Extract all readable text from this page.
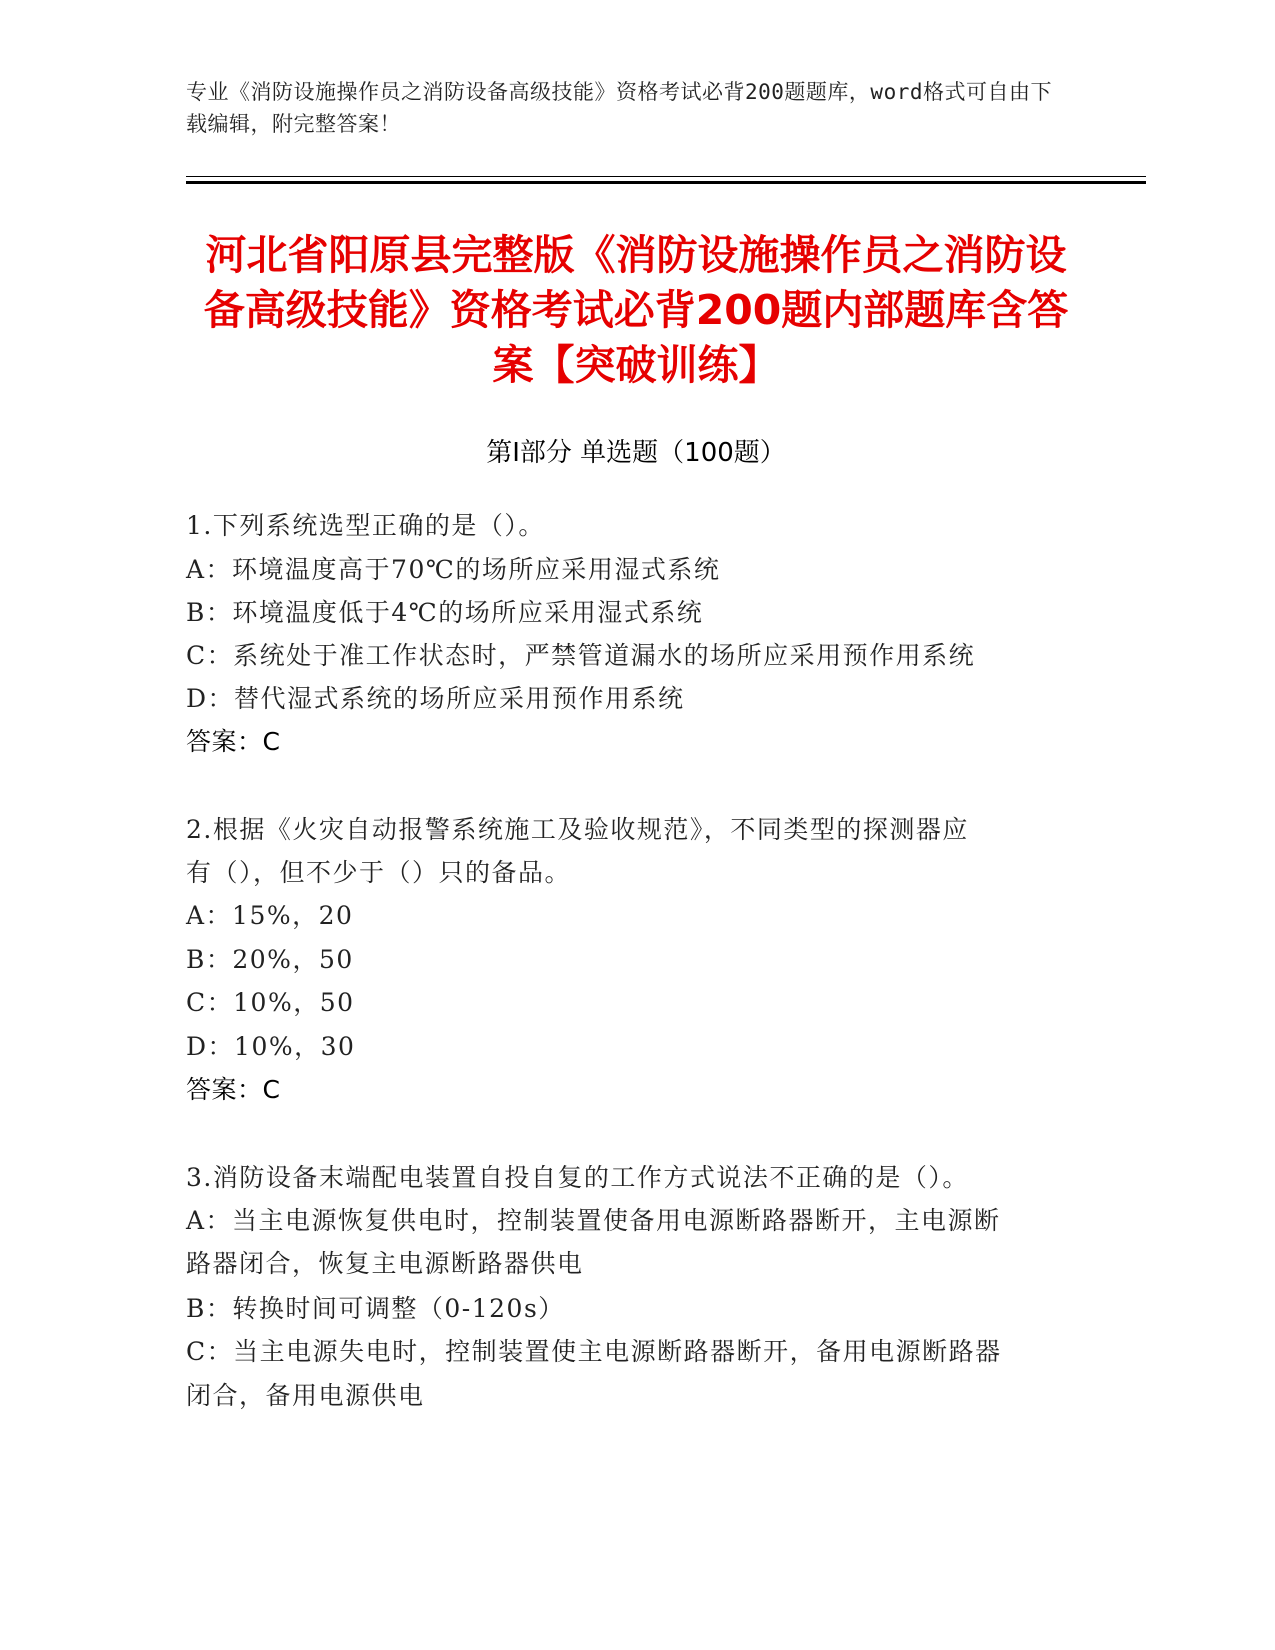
专业《消防设施操作员之消防设备高级技能》资格考试必背200题题库，word格式可自由下载编辑，附完整答案！
河北省阳原县完整版《消防设施操作员之消防设备高级技能》资格考试必背200题内部题库含答案【突破训练】
第Ⅰ部分 单选题（100题）
1.下列系统选型正确的是（）。
A：环境温度高于70℃的场所应采用湿式系统
B：环境温度低于4℃的场所应采用湿式系统
C：系统处于准工作状态时，严禁管道漏水的场所应采用预作用系统
D：替代湿式系统的场所应采用预作用系统
答案：C
2.根据《火灾自动报警系统施工及验收规范》，不同类型的探测器应
有（），但不少于（）只的备品。
A：15%，20
B：20%，50
C：10%，50
D：10%，30
答案：C
3.消防设备末端配电装置自投自复的工作方式说法不正确的是（）。
A：当主电源恢复供电时，控制装置使备用电源断路器断开，主电源断
路器闭合，恢复主电源断路器供电
B：转换时间可调整（0-120s）
C：当主电源失电时，控制装置使主电源断路器断开，备用电源断路器
闭合，备用电源供电
